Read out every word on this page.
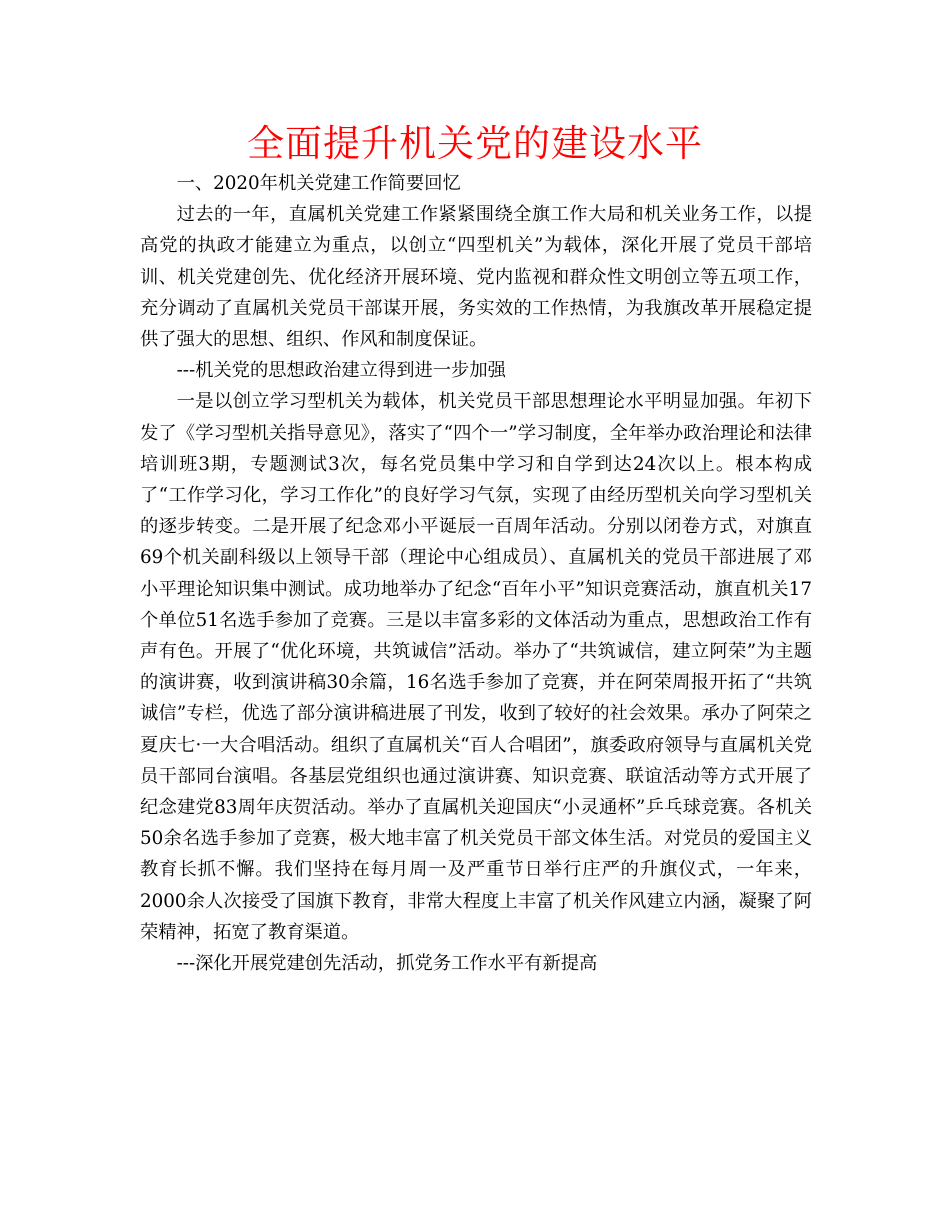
全面提升机关党的建设水平

一、2020年机关党建工作简要回忆

过去的一年，直属机关党建工作紧紧围绕全旗工作大局和机关业务工作，以提高党的执政才能建立为重点，以创立“四型机关”为载体，深化开展了党员干部培训、机关党建创先、优化经济开展环境、党内监视和群众性文明创立等五项工作，充分调动了直属机关党员干部谋开展，务实效的工作热情，为我旗改革开展稳定提供了强大的思想、组织、作风和制度保证。

---机关党的思想政治建立得到进一步加强

一是以创立学习型机关为载体，机关党员干部思想理论水平明显加强。年初下发了《学习型机关指导意见》，落实了“四个一”学习制度，全年举办政治理论和法律培训班3期，专题测试3次，每名党员集中学习和自学到达24次以上。根本构成了“工作学习化，学习工作化”的良好学习气氛，实现了由经历型机关向学习型机关的逐步转变。二是开展了纪念邓小平诞辰一百周年活动。分别以闭卷方式，对旗直69个机关副科级以上领导干部（理论中心组成员）、直属机关的党员干部进展了邓小平理论知识集中测试。成功地举办了纪念“百年小平”知识竞赛活动，旗直机关17个单位51名选手参加了竞赛。三是以丰富多彩的文体活动为重点，思想政治工作有声有色。开展了“优化环境，共筑诚信”活动。举办了“共筑诚信，建立阿荣”为主题的演讲赛，收到演讲稿30余篇，16名选手参加了竞赛，并在阿荣周报开拓了“共筑诚信”专栏，优选了部分演讲稿进展了刊发，收到了较好的社会效果。承办了阿荣之夏庆七·一大合唱活动。组织了直属机关“百人合唱团”，旗委政府领导与直属机关党员干部同台演唱。各基层党组织也通过演讲赛、知识竞赛、联谊活动等方式开展了纪念建党83周年庆贺活动。举办了直属机关迎国庆“小灵通杯”乒乓球竞赛。各机关50余名选手参加了竞赛，极大地丰富了机关党员干部文体生活。对党员的爱国主义教育长抓不懈。我们坚持在每月周一及严重节日举行庄严的升旗仪式，一年来，2000余人次接受了国旗下教育，非常大程度上丰富了机关作风建立内涵，凝聚了阿荣精神，拓宽了教育渠道。

---深化开展党建创先活动，抓党务工作水平有新提高
